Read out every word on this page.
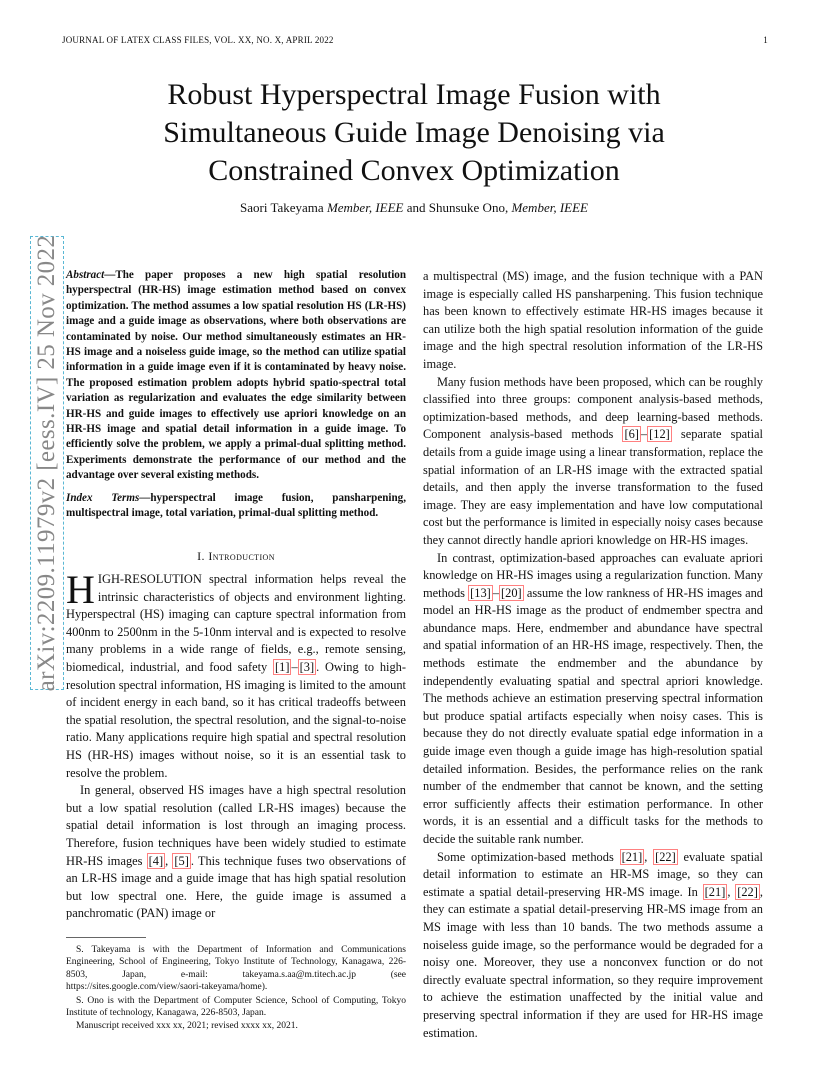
JOURNAL OF LATEX CLASS FILES, VOL. XX, NO. X, APRIL 2022	1
Robust Hyperspectral Image Fusion with
Simultaneous Guide Image Denoising via
Constrained Convex Optimization
Saori Takeyama Member, IEEE and Shunsuke Ono, Member, IEEE
arXiv:2209.11979v2 [eess.IV] 25 Nov 2022 Abstract—The paper proposes a new high spatial resolution hyperspectral (HR-HS) image estimation method based on convex optimization. The method assumes a low spatial resolution HS (LR-HS) image and a guide image as observations, where both observations are contaminated by noise. Our method simultaneously estimates an HR-HS image and a noiseless guide image, so the method can utilize spatial information in a guide image even if it is contaminated by heavy noise. The proposed estimation problem adopts hybrid spatio-spectral total variation as regularization and evaluates the edge similarity between HR-HS and guide images to effectively use apriori knowledge on an HR-HS image and spatial detail information in a guide image. To efficiently solve the problem, we apply a primal-dual splitting method. Experiments demonstrate the performance of our method and the advantage over several existing methods.
Index Terms—hyperspectral image fusion, pansharpening, multispectral image, total variation, primal-dual splitting method.
I. Introduction

HIGH-RESOLUTION spectral information helps reveal the intrinsic characteristics of objects and environment lighting. Hyperspectral (HS) imaging can capture spectral information from 400nm to 2500nm in the 5-10nm interval and is expected to resolve many problems in a wide range of fields, e.g., remote sensing, biomedical, industrial, and food safety [1] – [3] . Owing to high-resolution spectral information, HS imaging is limited to the amount of incident energy in each band, so it has critical tradeoffs between the spatial resolution, the spectral resolution, and the signal-to-noise ratio. Many applications require high spatial and spectral resolution HS (HR-HS) images without noise, so it is an essential task to resolve the problem.

In general, observed HS images have a high spectral resolution but a low spatial resolution (called LR-HS images) because the spatial detail information is lost through an imaging process. Therefore, fusion techniques have been widely studied to estimate HR-HS images [4] , [5] . This technique fuses two observations of an LR-HS image and a guide image that has high spatial resolution but low spectral one. Here, the guide image is assumed a panchromatic (PAN) image or

S. Takeyama is with the Department of Information and Communications Engineering, School of Engineering, Tokyo Institute of Technology, Kanagawa, 226-8503, Japan, e-mail: takeyama.s.aa@m.titech.ac.jp (see https://sites.google.com/view/saori-takeyama/home).
S. Ono is with the Department of Computer Science, School of Computing, Tokyo Institute of technology, Kanagawa, 226-8503, Japan.
Manuscript received xxx xx, 2021; revised xxxx xx, 2021.

a multispectral (MS) image, and the fusion technique with a PAN image is especially called HS pansharpening. This fusion technique has been known to effectively estimate HR-HS images because it can utilize both the high spatial resolution information of the guide image and the high spectral resolution information of the LR-HS image.

Many fusion methods have been proposed, which can be roughly classified into three groups: component analysis-based methods, optimization-based methods, and deep learning-based methods. Component analysis-based methods [6] – [12] separate spatial details from a guide image using a linear transformation, replace the spatial information of an LR-HS image with the extracted spatial details, and then apply the inverse transformation to the fused image. They are easy implementation and have low computational cost but the performance is limited in especially noisy cases because they cannot directly handle apriori knowledge on HR-HS images.

In contrast, optimization-based approaches can evaluate apriori knowledge on HR-HS images using a regularization function. Many methods [13] – [20] assume the low rankness of HR-HS images and model an HR-HS image as the product of endmember spectra and abundance maps. Here, endmember and abundance have spectral and spatial information of an HR-HS image, respectively. Then, the methods estimate the endmember and the abundance by independently evaluating spatial and spectral apriori knowledge. The methods achieve an estimation preserving spectral information but produce spatial artifacts especially when noisy cases. This is because they do not directly evaluate spatial edge information in a guide image even though a guide image has high-resolution spatial detailed information. Besides, the performance relies on the rank number of the endmember that cannot be known, and the setting error sufficiently affects their estimation performance. In other words, it is an essential and a difficult tasks for the methods to decide the suitable rank number.

Some optimization-based methods [21] , [22] evaluate spatial detail information to estimate an HR-MS image, so they can estimate a spatial detail-preserving HR-MS image. In [21] , [22] , they can estimate a spatial detail-preserving HR-MS image from an MS image with less than 10 bands. The two methods assume a noiseless guide image, so the performance would be degraded for a noisy one. Moreover, they use a nonconvex function or do not directly evaluate spectral information, so they require improvement to achieve the estimation unaffected by the initial value and preserving spectral information if they are used for HR-HS image estimation.
